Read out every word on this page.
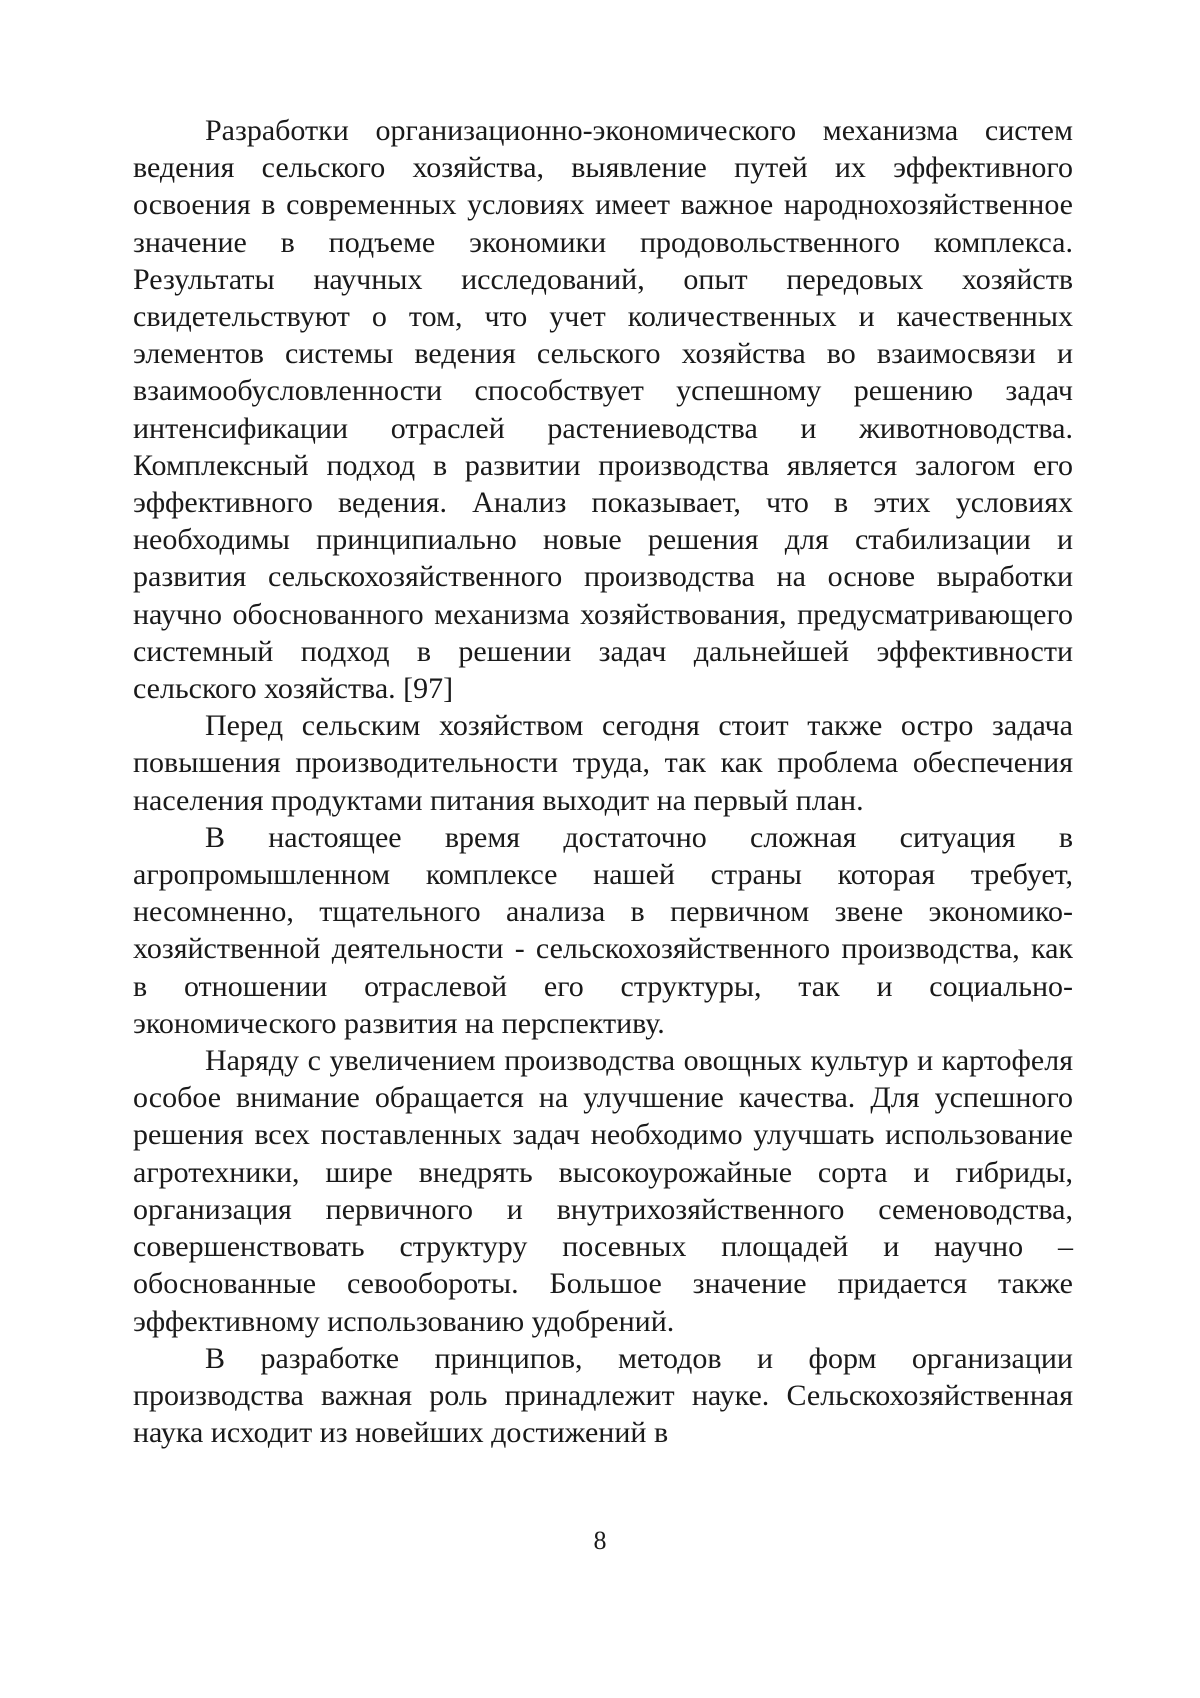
Разработки организационно-экономического механизма систем ведения сельского хозяйства, выявление путей их эффективного освоения в современных условиях имеет важное народнохозяйственное значение в подъеме экономики продовольственного комплекса. Результаты научных исследований, опыт передовых хозяйств свидетельствуют о том, что учет количественных и качественных элементов системы ведения сельского хозяйства во взаимосвязи и взаимообусловленности способствует успешному решению задач интенсификации отраслей растениеводства и животноводства. Комплексный подход в развитии производства является залогом его эффективного ведения. Анализ показывает, что в этих условиях необходимы принципиально новые решения для стабилизации и развития сельскохозяйственного производства на основе выработки научно обоснованного механизма хозяйствования, предусматривающего системный подход в решении задач дальнейшей эффективности сельского хозяйства. [97]

Перед сельским хозяйством сегодня стоит также остро задача повышения производительности труда, так как проблема обеспечения населения продуктами питания выходит на первый план.

В настоящее время достаточно сложная ситуация в агропромышленном комплексе нашей страны которая требует, несомненно, тщательного анализа в первичном звене экономико-хозяйственной деятельности - сельскохозяйственного производства, как в отношении отраслевой его структуры, так и социально- экономического развития на перспективу.

Наряду с увеличением производства овощных культур и картофеля особое внимание обращается на улучшение качества. Для успешного решения всех поставленных задач необходимо улучшать использование агротехники, шире внедрять высокоурожайные сорта и гибриды, организация первичного и внутрихозяйственного семеноводства, совершенствовать структуру посевных площадей и научно – обоснованные севообороты. Большое значение придается также эффективному использованию удобрений.

В разработке принципов, методов и форм организации производства важная роль принадлежит науке. Сельскохозяйственная наука исходит из новейших достижений в

8
